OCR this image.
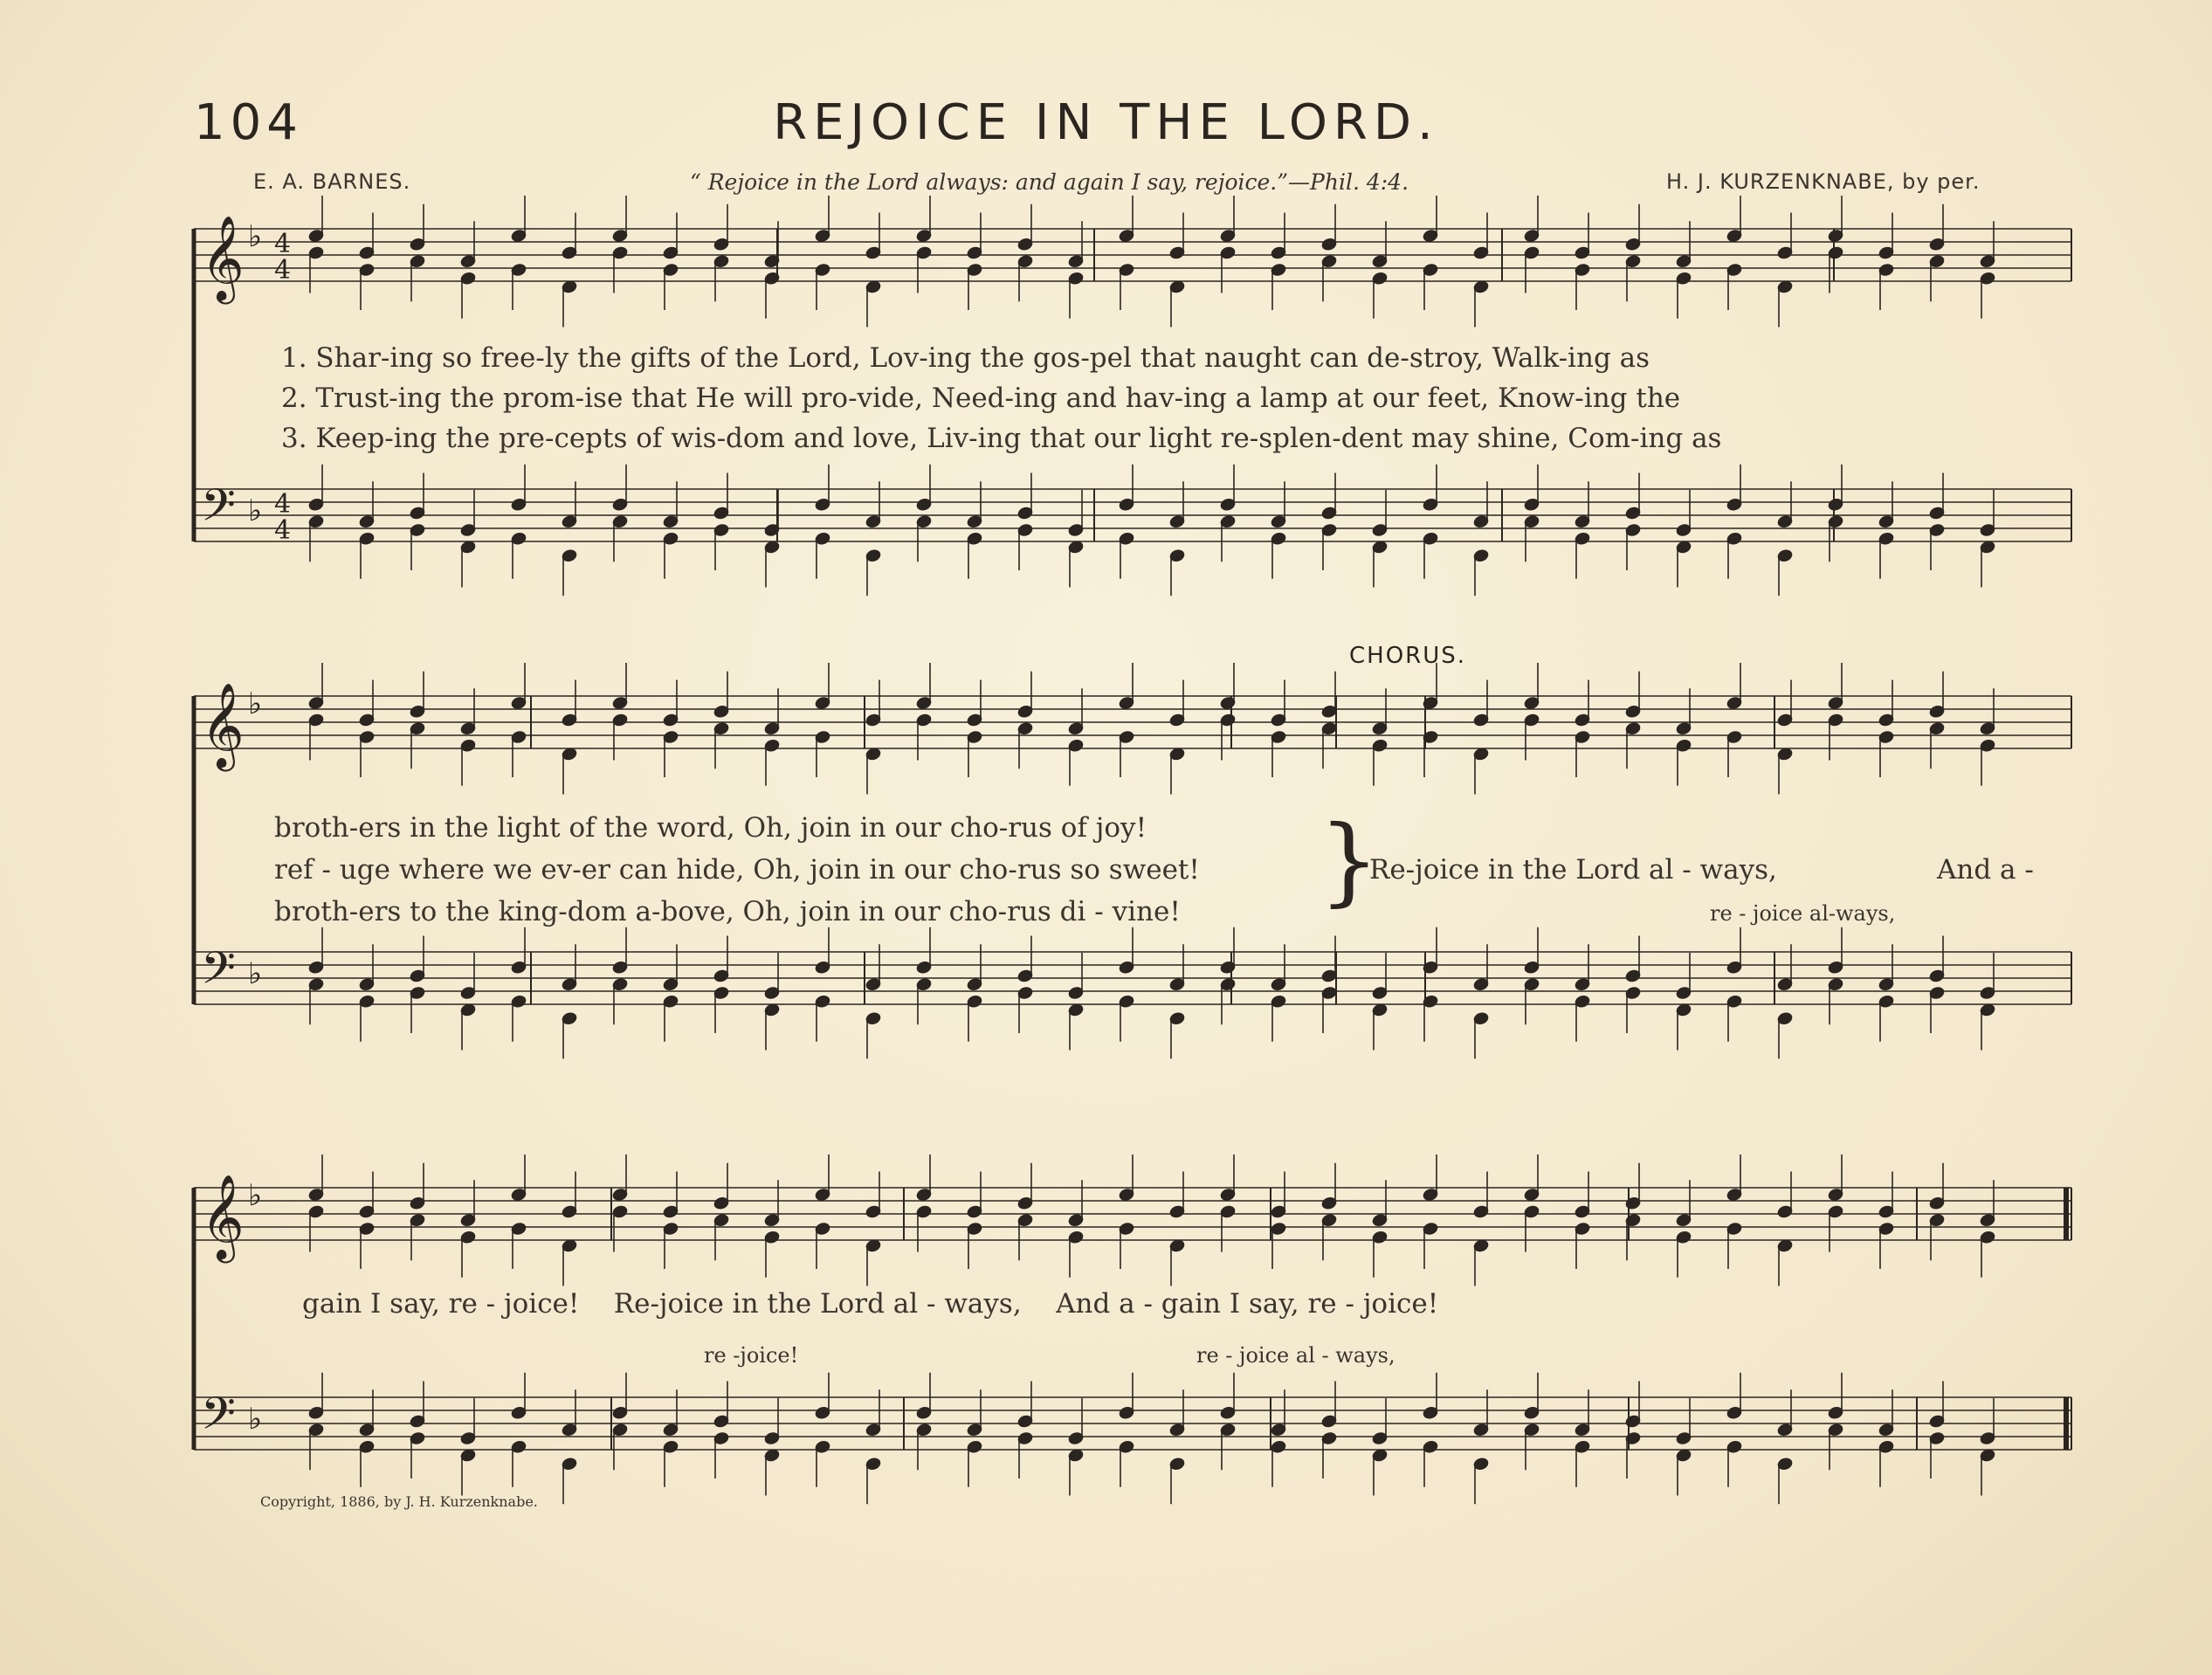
104	REJOICE IN THE LORD.
E. A. BARNES.	“ Rejoice in the Lord always: and again I say, rejoice.”—Phil. 4:4.	H. J. KURZENKNABE, by per.
CHORUS.
𝄞 ♭ 4
4
𝄢 ♭ 4
4
𝄞 ♭
𝄢 ♭
𝄞 ♭
𝄢 ♭
1. Shar-ing so free-ly the gifts of the Lord, Lov-ing the gos-pel that naught can de-stroy, Walk-ing as
2. Trust-ing the prom-ise that He will pro-vide, Need-ing and hav-ing a lamp at our feet, Know-ing the
3. Keep-ing the pre-cepts of wis-dom and love, Liv-ing that our light re-splen-dent may shine, Com-ing as
broth-ers in the light of the word, Oh, join in our cho-rus of joy!
ref - uge where we ev-er can hide, Oh, join in our cho-rus so sweet!
broth-ers to the king-dom a-bove, Oh, join in our cho-rus di - vine! }
Re-joice in the Lord al - ways,	And a -
re - joice al-ways,
gain I say, re - joice!    Re-joice in the Lord al - ways,    And a - gain I say, re - joice!
re -joice!	re - joice al - ways,
Copyright, 1886, by J. H. Kurzenknabe.
